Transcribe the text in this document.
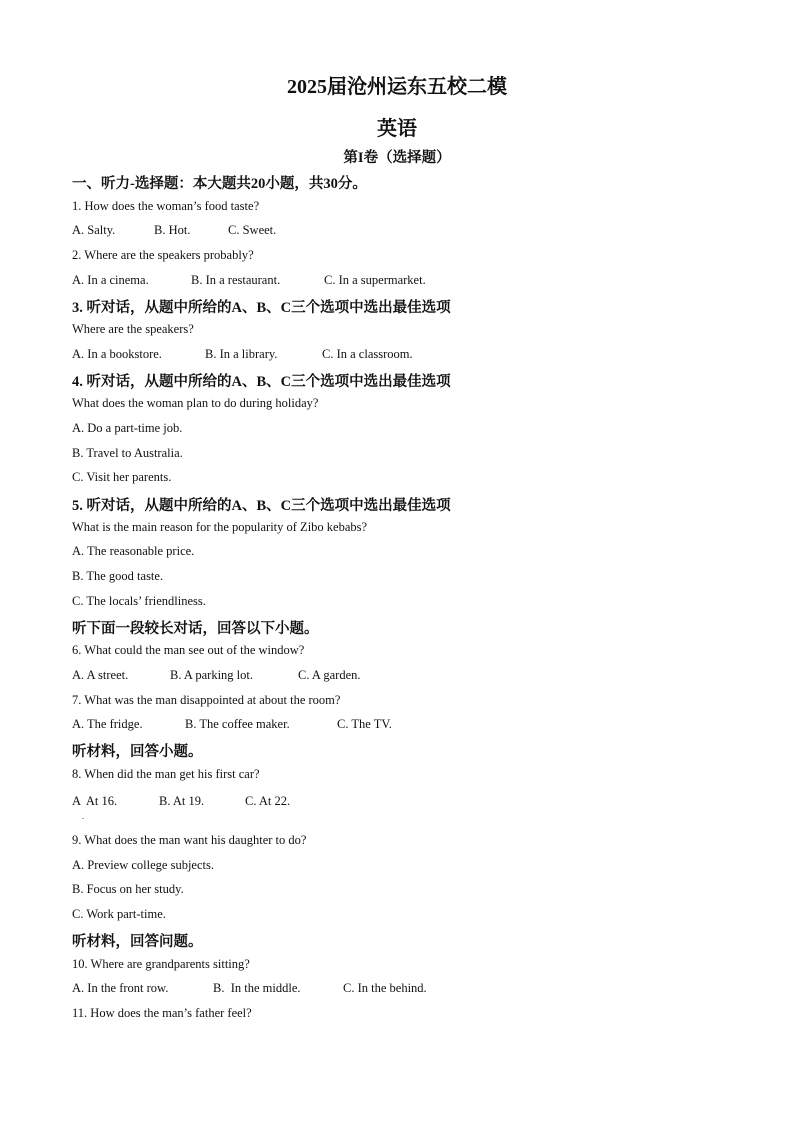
2025届沧州运东五校二模
英语
第I卷（选择题）
一、听力-选择题：本大题共20小题，共30分。
1. How does the woman’s food taste?
A. Salty.	B. Hot.	C. Sweet.
2. Where are the speakers probably?
A. In a cinema.	B. In a restaurant.	C. In a supermarket.
3. 听对话，从题中所给的A、B、C三个选项中选出最佳选项
Where are the speakers?
A. In a bookstore.	B. In a library.	C. In a classroom.
4. 听对话，从题中所给的A、B、C三个选项中选出最佳选项
What does the woman plan to do during holiday?
A. Do a part-time job.
B. Travel to Australia.
C. Visit her parents.
5. 听对话，从题中所给的A、B、C三个选项中选出最佳选项
What is the main reason for the popularity of Zibo kebabs?
A. The reasonable price.
B. The good taste.
C. The locals’ friendliness.
听下面一段较长对话，回答以下小题。
6. What could the man see out of the window?
A. A street.	B. A parking lot.	C. A garden.
7. What was the man disappointed at about the room?
A. The fridge.	B. The coffee maker.	C. The TV.
听材料，回答小题。
8. When did the man get his first car?
A  At 16.	B. At 19.	C. At 22.
.
9. What does the man want his daughter to do?
A. Preview college subjects.
B. Focus on her study.
C. Work part-time.
听材料，回答问题。
10. Where are grandparents sitting?
A. In the front row.	B.  In the middle.	C. In the behind.
11. How does the man’s father feel?
